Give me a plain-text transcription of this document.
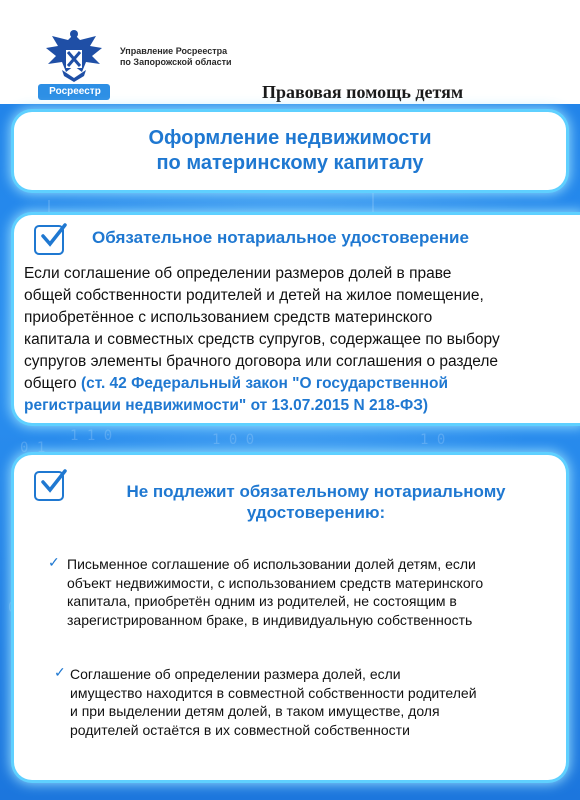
0 1
1 1 0	1 0 0	1 0
0
Росреестр
Управление Росреестра
по Запорожской области
Правовая помощь детям
Оформление недвижимости
по материнскому капиталу
Обязательное нотариальное удостоверение
Если соглашение об определении размеров долей в праве
общей собственности родителей и детей на жилое помещение,
приобретённое с использованием средств материнского
капитала и совместных средств супругов, содержащее по выбору
супругов элементы брачного договора или соглашения о разделе
общего (ст. 42 Федеральный закон "О государственной
регистрации недвижимости" от 13.07.2015 N 218-ФЗ)
Не подлежит обязательному нотариальному
удостоверению:
✓ Письменное соглашение об использовании долей детям, если
объект недвижимости, с использованием средств материнского
капитала, приобретён одним из родителей, не состоящим в
зарегистрированном браке, в индивидуальную собственность
✓ Соглашение об определении размера долей, если
имущество находится в совместной собственности родителей
и при выделении детям долей, в таком имуществе, доля
родителей остаётся в их совместной собственности
